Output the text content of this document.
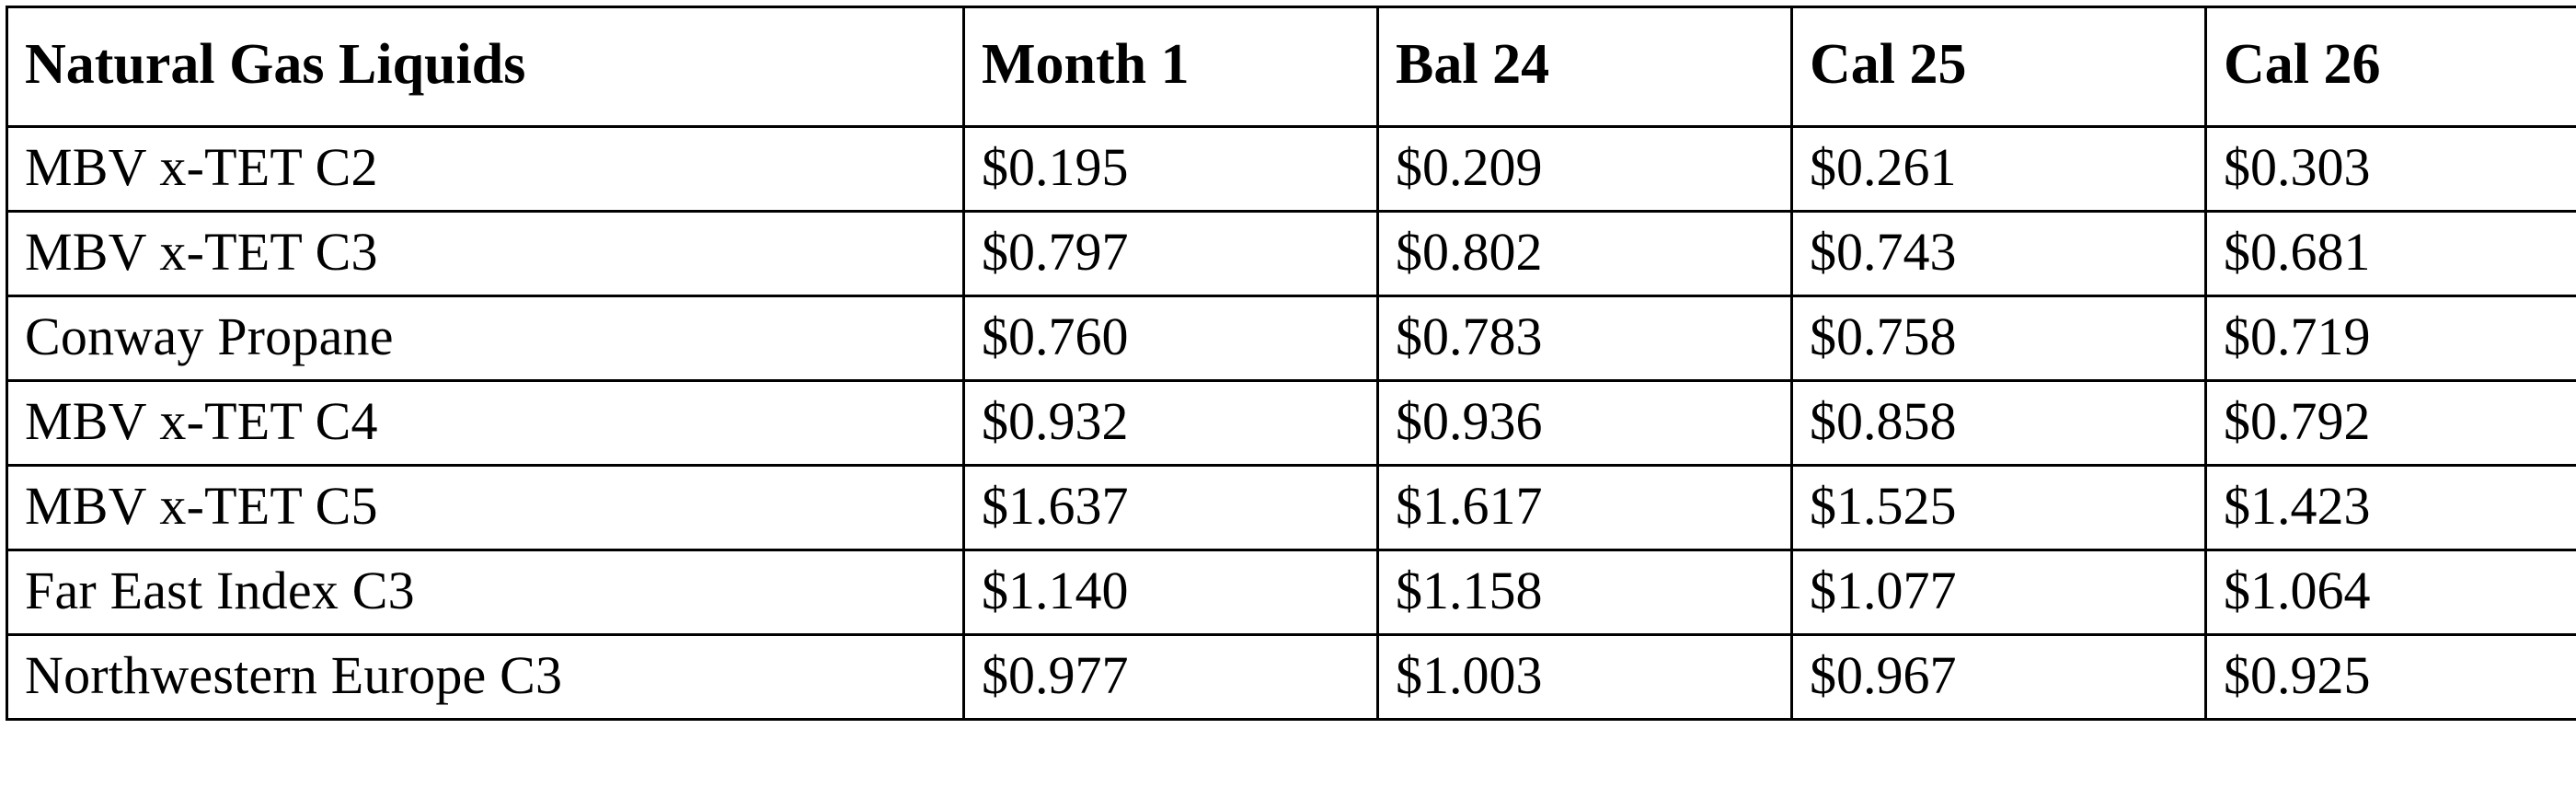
Natural Gas Liquids	Month 1	Bal 24	Cal 25	Cal 26
MBV x-TET C2	$0.195	$0.209	$0.261	$0.303
MBV x-TET C3	$0.797	$0.802	$0.743	$0.681
Conway Propane	$0.760	$0.783	$0.758	$0.719
MBV x-TET C4	$0.932	$0.936	$0.858	$0.792
MBV x-TET C5	$1.637	$1.617	$1.525	$1.423
Far East Index C3	$1.140	$1.158	$1.077	$1.064
Northwestern Europe C3	$0.977	$1.003	$0.967	$0.925
